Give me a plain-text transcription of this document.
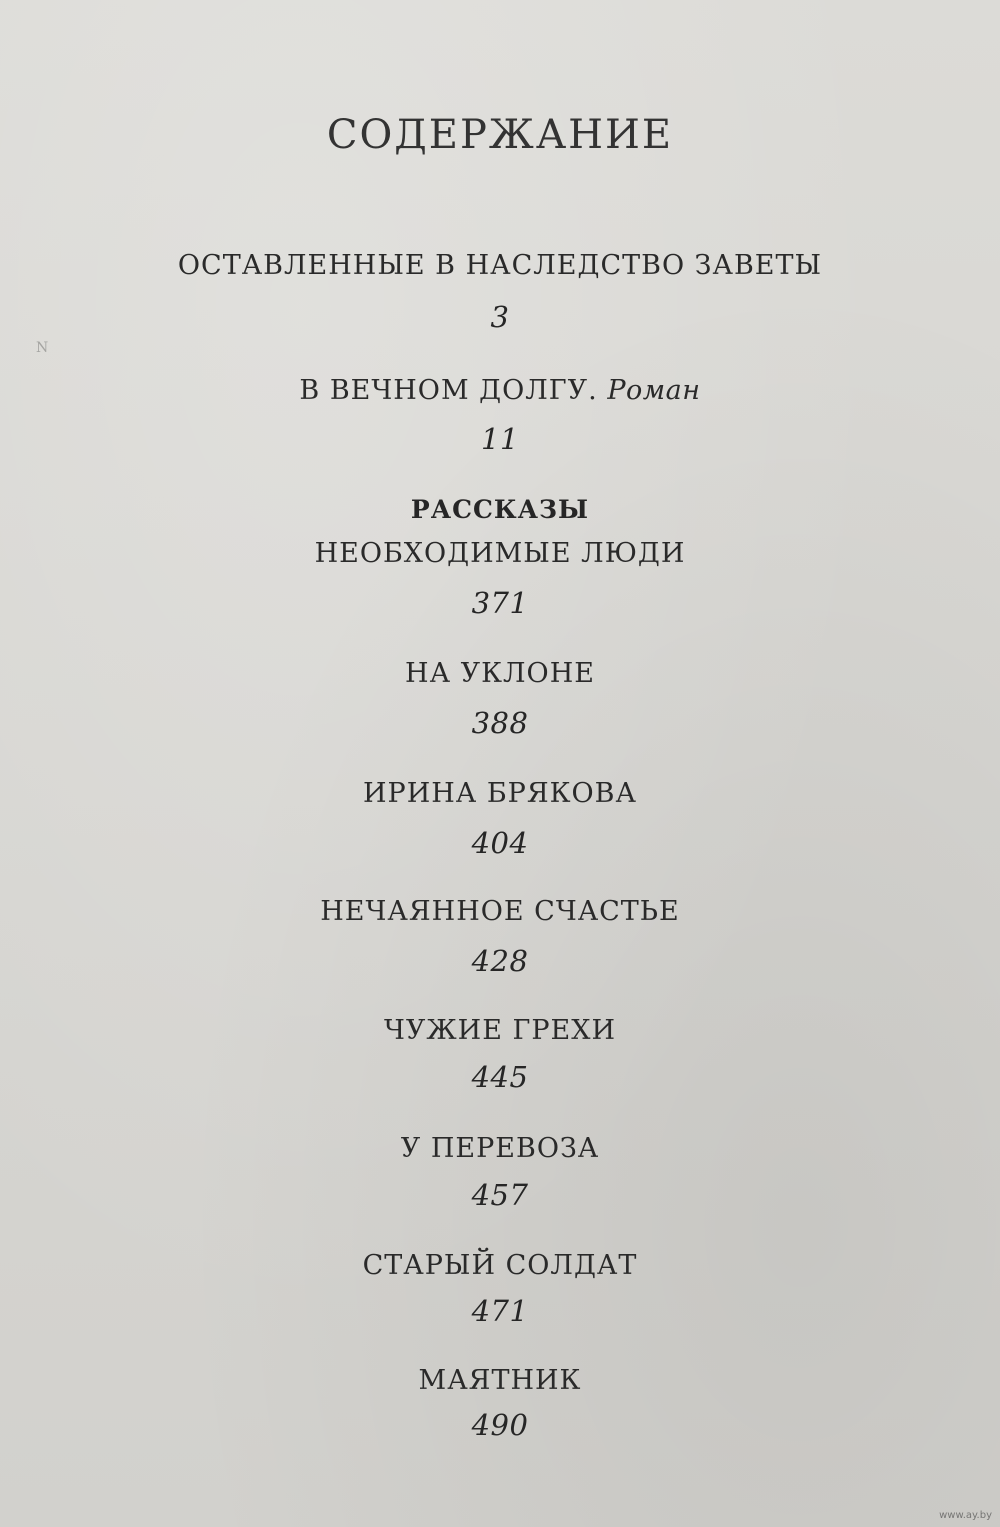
N
СОДЕРЖАНИЕ
ОСТАВЛЕННЫЕ В НАСЛЕДСТВО ЗАВЕТЫ
3
В ВЕЧНОМ ДОЛГУ. Роман
11
РАССКАЗЫ
НЕОБХОДИМЫЕ ЛЮДИ
371
НА УКЛОНЕ
388
ИРИНА БРЯКОВА
404
НЕЧАЯННОЕ СЧАСТЬЕ
428
ЧУЖИЕ ГРЕХИ
445
У ПЕРЕВОЗА
457
СТАРЫЙ СОЛДАТ
471
МАЯТНИК
490
www.ay.by
